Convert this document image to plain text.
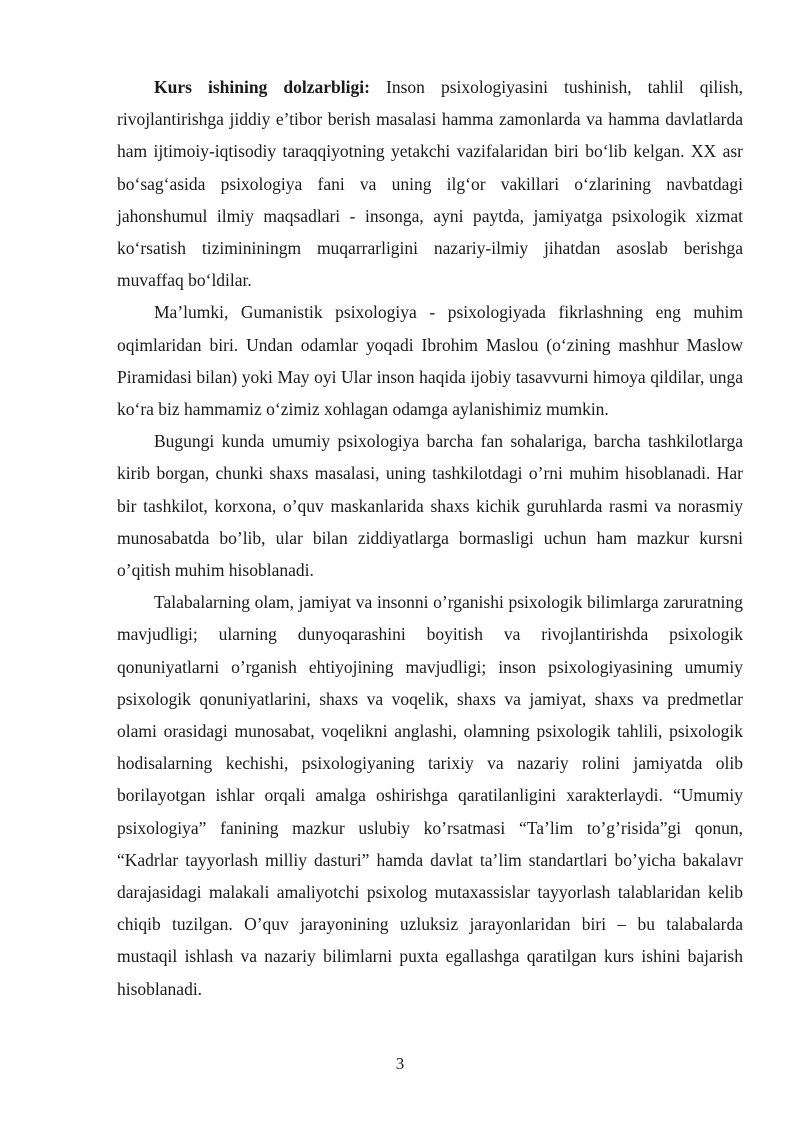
Kurs ishining dolzarbligi: Inson psixologiyasini tushinish, tahlil qilish, rivojlantirishga jiddiy e’tibor berish masalasi hamma zamonlarda va hamma davlatlarda ham ijtimoiy-iqtisodiy taraqqiyotning yetakchi vazifalaridan biri boʻlib kelgan. XX asr boʻsagʻasida psixologiya fani va uning ilgʻor vakillari oʻzlarining navbatdagi jahonshumul ilmiy maqsadlari - insonga, ayni paytda, jamiyatga psixologik xizmat koʻrsatish tizimininingm muqarrarligini nazariy-ilmiy jihatdan asoslab berishga muvaffaq boʻldilar.

Ma’lumki, Gumanistik psixologiya - psixologiyada fikrlashning eng muhim oqimlaridan biri. Undan odamlar yoqadi Ibrohim Maslou (oʻzining mashhur Maslow Piramidasi bilan) yoki May oyi Ular inson haqida ijobiy tasavvurni himoya qildilar, unga koʻra biz hammamiz oʻzimiz xohlagan odamga aylanishimiz mumkin.

Bugungi kunda umumiy psixologiya barcha fan sohalariga, barcha tashkilotlarga kirib borgan, chunki shaxs masalasi, uning tashkilotdagi o’rni muhim hisoblanadi. Har bir tashkilot, korxona, o’quv maskanlarida shaxs kichik guruhlarda rasmi va norasmiy munosabatda bo’lib, ular bilan ziddiyatlarga bormasligi uchun ham mazkur kursni o’qitish muhim hisoblanadi.

Talabalarning olam, jamiyat va insonni o’rganishi psixologik bilimlarga zaruratning mavjudligi; ularning dunyoqarashini boyitish va rivojlantirishda psixologik qonuniyatlarni o’rganish ehtiyojining mavjudligi; inson psixologiyasining umumiy psixologik qonuniyatlarini, shaxs va voqelik, shaxs va jamiyat, shaxs va predmetlar olami orasidagi munosabat, voqelikni anglashi, olamning psixologik tahlili, psixologik hodisalarning kechishi, psixologiyaning tarixiy va nazariy rolini jamiyatda olib borilayotgan ishlar orqali amalga oshirishga qaratilanligini xarakterlaydi. “Umumiy psixologiya” fanining mazkur uslubiy ko’rsatmasi “Ta’lim to’g’risida”gi qonun, “Kadrlar tayyorlash milliy dasturi” hamda davlat ta’lim standartlari bo’yicha bakalavr darajasidagi malakali amaliyotchi psixolog mutaxassislar tayyorlash talablaridan kelib chiqib tuzilgan. O’quv jarayonining uzluksiz jarayonlaridan biri – bu talabalarda mustaqil ishlash va nazariy bilimlarni puxta egallashga qaratilgan kurs ishini bajarish hisoblanadi.

3
